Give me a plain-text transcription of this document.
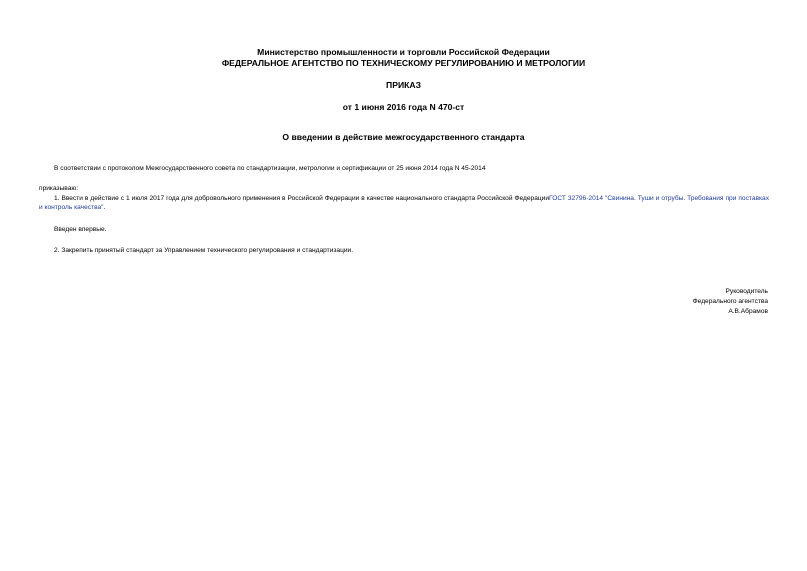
Министерство промышленности и торговли Российской Федерации
ФЕДЕРАЛЬНОЕ АГЕНТСТВО ПО ТЕХНИЧЕСКОМУ РЕГУЛИРОВАНИЮ И МЕТРОЛОГИИ
ПРИКАЗ
от 1 июня 2016 года N 470-ст
О введении в действие межгосударственного стандарта
В соответствии с протоколом Межгосударственного совета по стандартизации, метрологии и сертификации от 25 июня 2014 года N 45-2014
приказываю:
1. Ввести в действие с 1 июля 2017 года для добровольного применения в Российской Федерации в качестве национального стандарта Российской ФедерацииГОСТ 32796-2014 "Свинина. Туши и отрубы. Требования при поставках и контроль качества".
Введен впервые.
2. Закрепить принятый стандарт за Управлением технического регулирования и стандартизации.
Руководитель
Федерального агентства
А.В.Абрамов
